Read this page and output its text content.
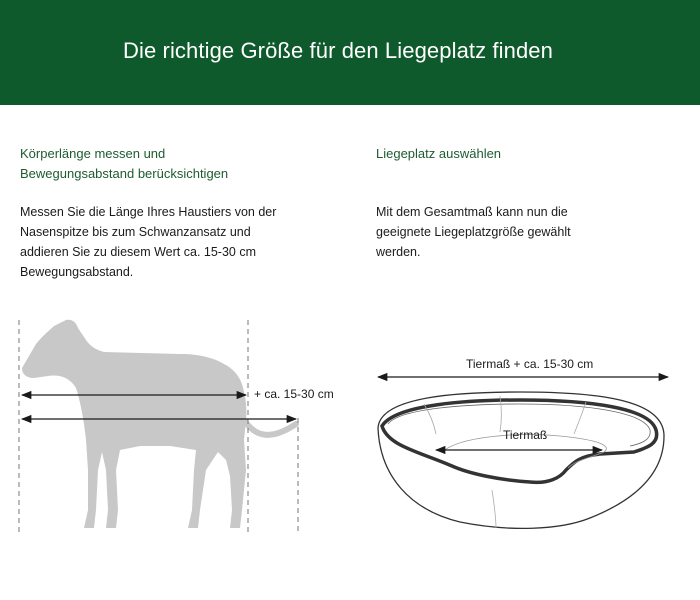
Die richtige Größe für den Liegeplatz finden
Körperlänge messen und
Bewegungsabstand berücksichtigen
Messen Sie die Länge Ihres Haustiers von der
Nasenspitze bis zum Schwanzansatz und
addieren Sie zu diesem Wert ca. 15-30 cm
Bewegungsabstand.
Liegeplatz auswählen
Mit dem Gesamtmaß kann nun die
geeignete Liegeplatzgröße gewählt
werden.
+ ca. 15-30 cm
Tiermaß + ca. 15-30 cm
Tiermaß
